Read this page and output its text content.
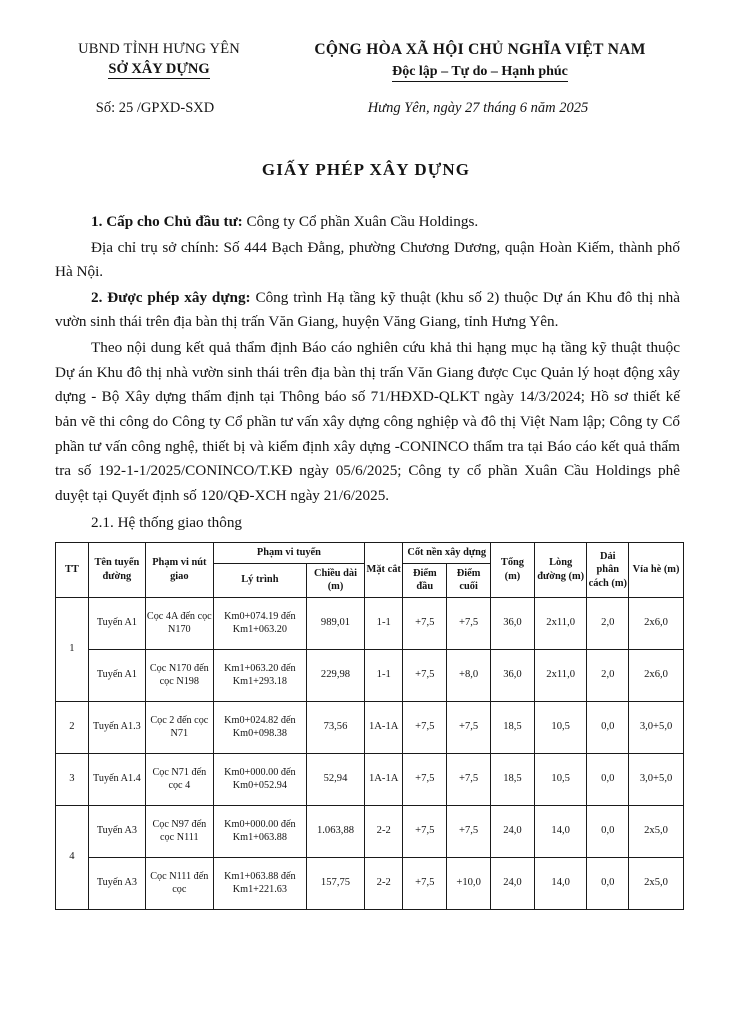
UBND TỈNH HƯNG YÊN
SỞ XÂY DỰNG
CỘNG HÒA XÃ HỘI CHỦ NGHĨA VIỆT NAM
Độc lập – Tự do – Hạnh phúc
Số: 25 /GPXD-SXD	Hưng Yên, ngày 27 tháng 6 năm 2025
GIẤY PHÉP XÂY DỰNG

1. Cấp cho Chủ đầu tư: Công ty Cổ phần Xuân Cầu Holdings.

Địa chỉ trụ sở chính: Số 444 Bạch Đằng, phường Chương Dương, quận Hoàn Kiếm, thành phố Hà Nội.

2. Được phép xây dựng: Công trình Hạ tầng kỹ thuật (khu số 2) thuộc Dự án Khu đô thị nhà vườn sinh thái trên địa bàn thị trấn Văn Giang, huyện Văng Giang, tỉnh Hưng Yên.

Theo nội dung kết quả thẩm định Báo cáo nghiên cứu khả thi hạng mục hạ tầng kỹ thuật thuộc Dự án Khu đô thị nhà vườn sinh thái trên địa bàn thị trấn Văn Giang được Cục Quản lý hoạt động xây dựng - Bộ Xây dựng thẩm định tại Thông báo số 71/HĐXD-QLKT ngày 14/3/2024; Hồ sơ thiết kế bản vẽ thi công do Công ty Cổ phần tư vấn xây dựng công nghiệp và đô thị Việt Nam lập; Công ty Cổ phần tư vấn công nghệ, thiết bị và kiểm định xây dựng -CONINCO thẩm tra tại Báo cáo kết quả thẩm tra số 192-1-1/2025/CONINCO/T.KĐ ngày 05/6/2025; Công ty cổ phần Xuân Cầu Holdings phê duyệt tại Quyết định số 120/QĐ-XCH ngày 21/6/2025.

2.1. Hệ thống giao thông
TT	Tên tuyến đường	Phạm vi nút giao	Phạm vi tuyến		Mặt cắt	Cốt nền xây dựng		Tổng (m)	Lòng đường (m)	Dải phân cách (m)	Vỉa hè (m)
			Lý trình	Chiều dài (m)		Điểm đầu	Điểm cuối				

1	Tuyến A1	Cọc 4A đến cọc N170	Km0+074.19 đến Km1+063.20	989,01	1-1	+7,5	+7,5	36,0	2x11,0	2,0	2x6,0
	Tuyến A1	Cọc N170 đến cọc N198	Km1+063.20 đến Km1+293.18	229,98	1-1	+7,5	+8,0	36,0	2x11,0	2,0	2x6,0
2	Tuyến A1.3	Cọc 2 đến cọc N71	Km0+024.82 đến Km0+098.38	73,56	1A-1A	+7,5	+7,5	18,5	10,5	0,0	3,0+5,0
3	Tuyến A1.4	Cọc N71 đến cọc 4	Km0+000.00 đến Km0+052.94	52,94	1A-1A	+7,5	+7,5	18,5	10,5	0,0	3,0+5,0
4	Tuyến A3	Cọc N97 đến cọc N111	Km0+000.00 đến Km1+063.88	1.063,88	2-2	+7,5	+7,5	24,0	14,0	0,0	2x5,0
	Tuyến A3	Cọc N111 đến cọc	Km1+063.88 đến Km1+221.63	157,75	2-2	+7,5	+10,0	24,0	14,0	0,0	2x5,0
